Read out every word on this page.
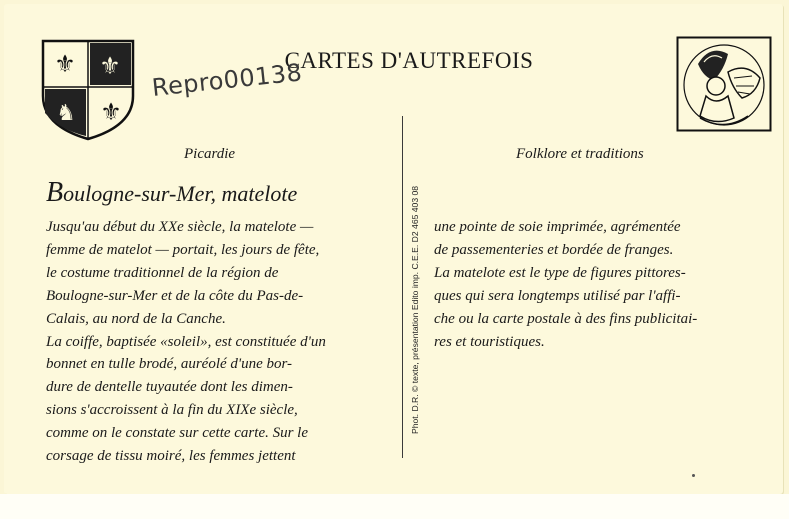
⚜
⚜
⚜
♞
CARTES D'AUTREFOIS
Repro00138
Picardie	Folklore et traditions
Boulogne-sur-Mer, matelote
Jusqu'au début du XXe siècle, la matelote —
femme de matelot — portait, les jours de fête,
le costume traditionnel de la région de
Boulogne-sur-Mer et de la côte du Pas-de-
Calais, au nord de la Canche.
La coiffe, baptisée «soleil», est constituée d'un
bonnet en tulle brodé, auréolé d'une bor-
dure de dentelle tuyautée dont les dimen-
sions s'accroissent à la fin du XIXe siècle,
comme on le constate sur cette carte. Sur le
corsage de tissu moiré, les femmes jettent
Phot. D.R. © texte, présentation Edito imp. C.E.E. D2 465 403 08 une pointe de soie imprimée, agrémentée
de passementeries et bordée de franges.
La matelote est le type de figures pittores-
ques qui sera longtemps utilisé par l'affi-
che ou la carte postale à des fins publicitai-
res et touristiques.
